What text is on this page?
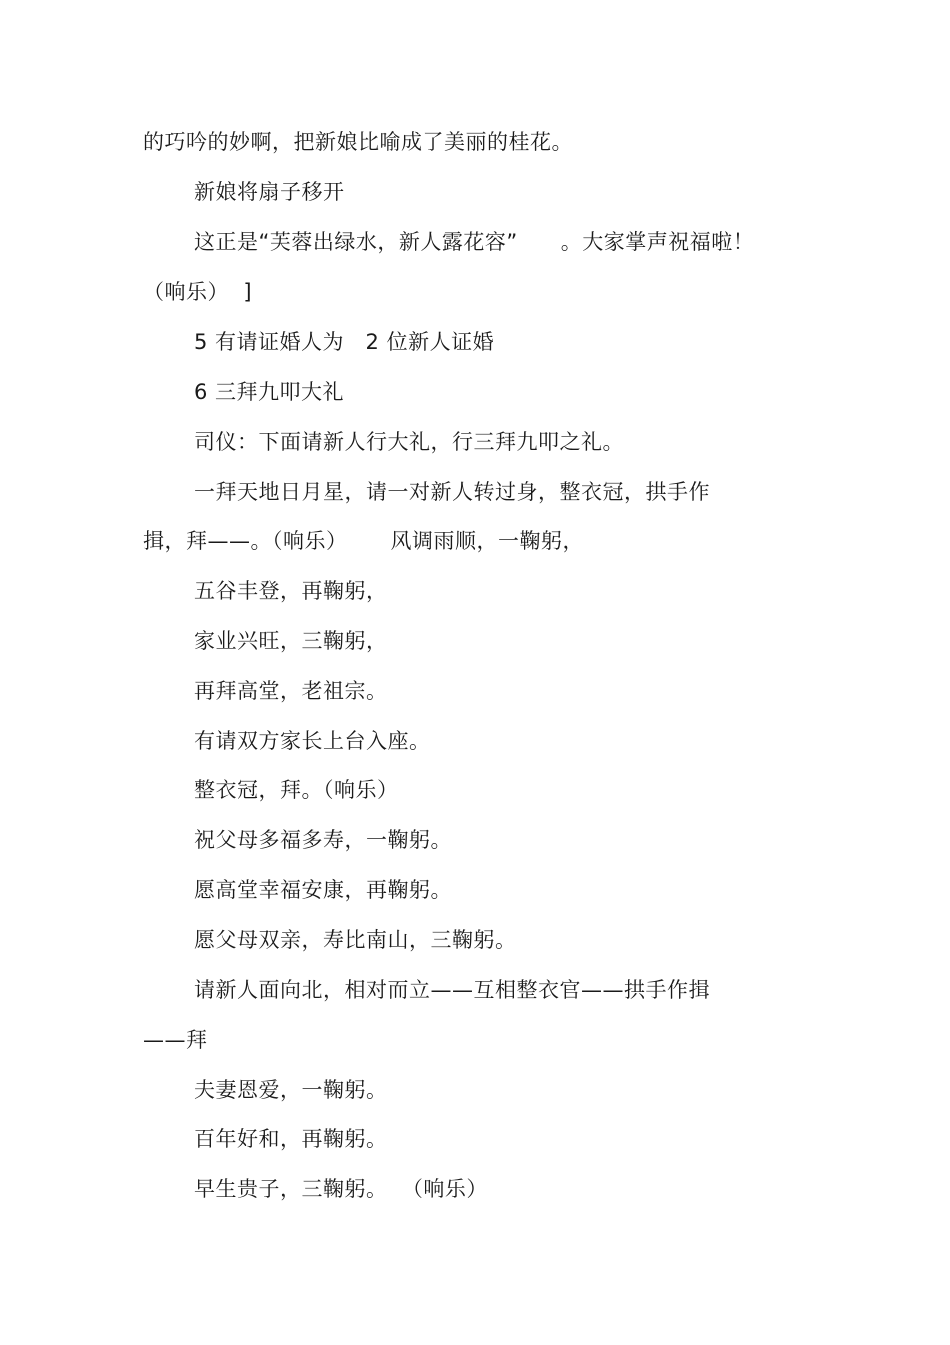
的巧吟的妙啊，把新娘比喻成了美丽的桂花。
新娘将扇子移开
这正是“芙蓉出绿水，新人露花容”      。大家掌声祝福啦！
（响乐）  ]
5 有请证婚人为   2 位新人证婚
6 三拜九叩大礼
司仪：下面请新人行大礼，行三拜九叩之礼。
一拜天地日月星，请一对新人转过身，整衣冠，拱手作
揖，拜——。（响乐）      风调雨顺，一鞠躬，
五谷丰登，再鞠躬，
家业兴旺，三鞠躬，
再拜高堂，老祖宗。
有请双方家长上台入座。
整衣冠，拜。（响乐）
祝父母多福多寿，一鞠躬。
愿高堂幸福安康，再鞠躬。
愿父母双亲，寿比南山，三鞠躬。
请新人面向北，相对而立——互相整衣官——拱手作揖
——拜
夫妻恩爱，一鞠躬。
百年好和，再鞠躬。
早生贵子，三鞠躬。  （响乐）
